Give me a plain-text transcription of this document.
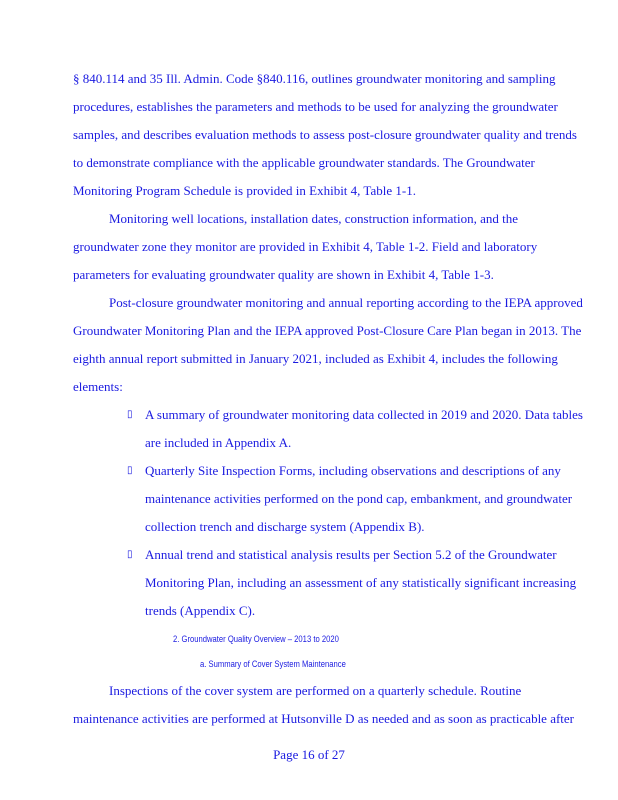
§ 840.114 and 35 Ill. Admin. Code §840.116, outlines groundwater monitoring and sampling

procedures, establishes the parameters and methods to be used for analyzing the groundwater

samples, and describes evaluation methods to assess post-closure groundwater quality and trends

to demonstrate compliance with the applicable groundwater standards. The Groundwater

Monitoring Program Schedule is provided in Exhibit 4, Table 1-1.

Monitoring well locations, installation dates, construction information, and the

groundwater zone they monitor are provided in Exhibit 4, Table 1-2. Field and laboratory

parameters for evaluating groundwater quality are shown in Exhibit 4, Table 1-3.

Post-closure groundwater monitoring and annual reporting according to the IEPA approved

Groundwater Monitoring Plan and the IEPA approved Post-Closure Care Plan began in 2013. The

eighth annual report submitted in January 2021, included as Exhibit 4, includes the following

elements:

▯ A summary of groundwater monitoring data collected in 2019 and 2020. Data tables

are included in Appendix A.

▯ Quarterly Site Inspection Forms, including observations and descriptions of any

maintenance activities performed on the pond cap, embankment, and groundwater

collection trench and discharge system (Appendix B).

▯ Annual trend and statistical analysis results per Section 5.2 of the Groundwater

Monitoring Plan, including an assessment of any statistically significant increasing

trends (Appendix C).

2. Groundwater Quality Overview – 2013 to 2020
a. Summary of Cover System Maintenance

Inspections of the cover system are performed on a quarterly schedule. Routine

maintenance activities are performed at Hutsonville D as needed and as soon as practicable after

Page 16 of 27
